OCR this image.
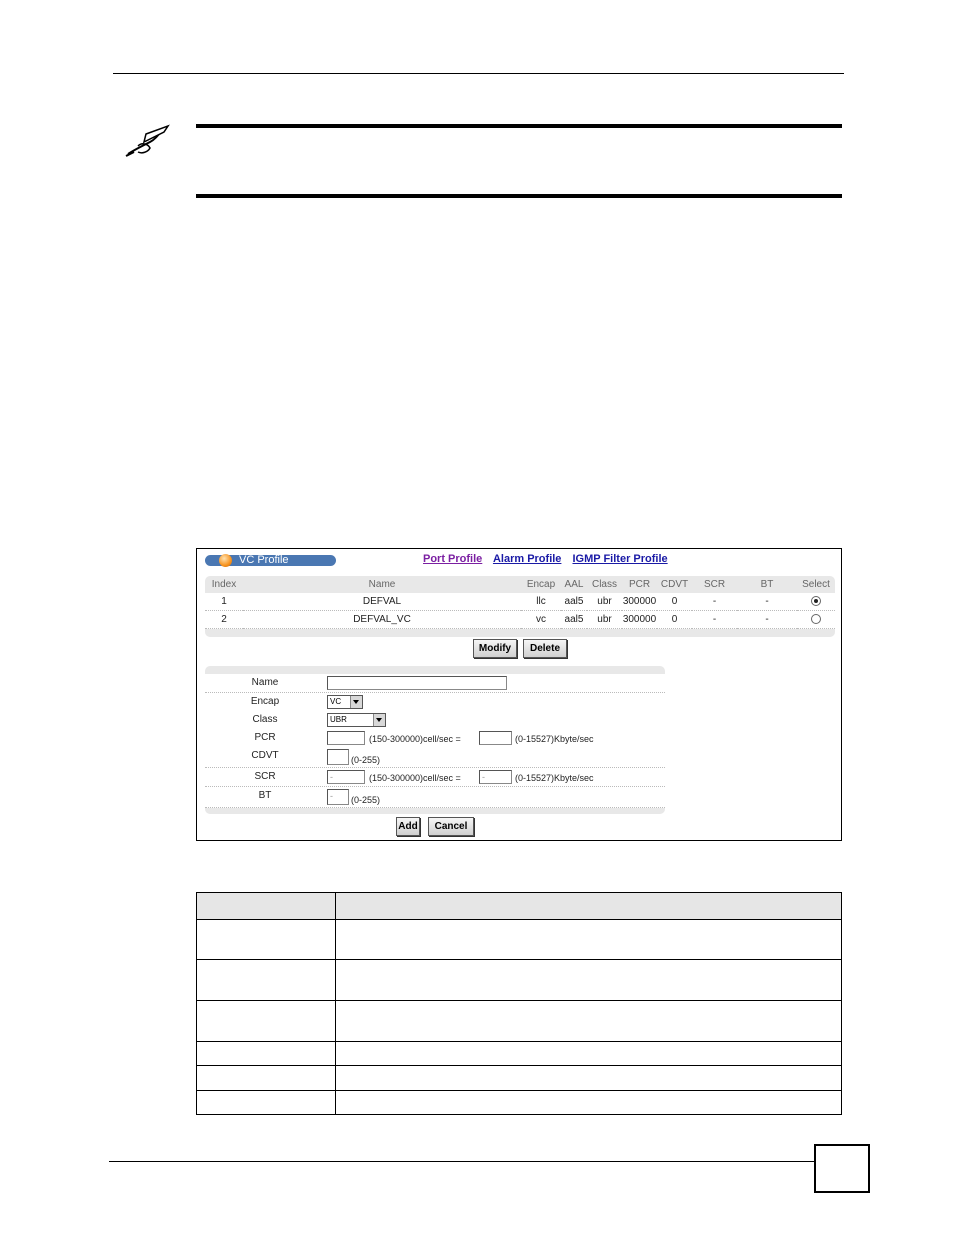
VC Profile	Port Profile Alarm Profile IGMP Filter Profile
Index	Name	Encap	AAL	Class	PCR	CDVT	SCR	BT	Select
1	DEFVAL	llc	aal5	ubr	300000	0	-	-	
2	DEFVAL_VC	vc	aal5	ubr	300000	0	-	-	
Modify	Delete
Name
Encap	VC
Class	UBR
PCR	(150-300000)cell/sec =	(0-15527)Kbyte/sec
CDVT	(0-255)
SCR	-	(150-300000)cell/sec =	-	(0-15527)Kbyte/sec
BT	-	(0-255)
Add	Cancel
